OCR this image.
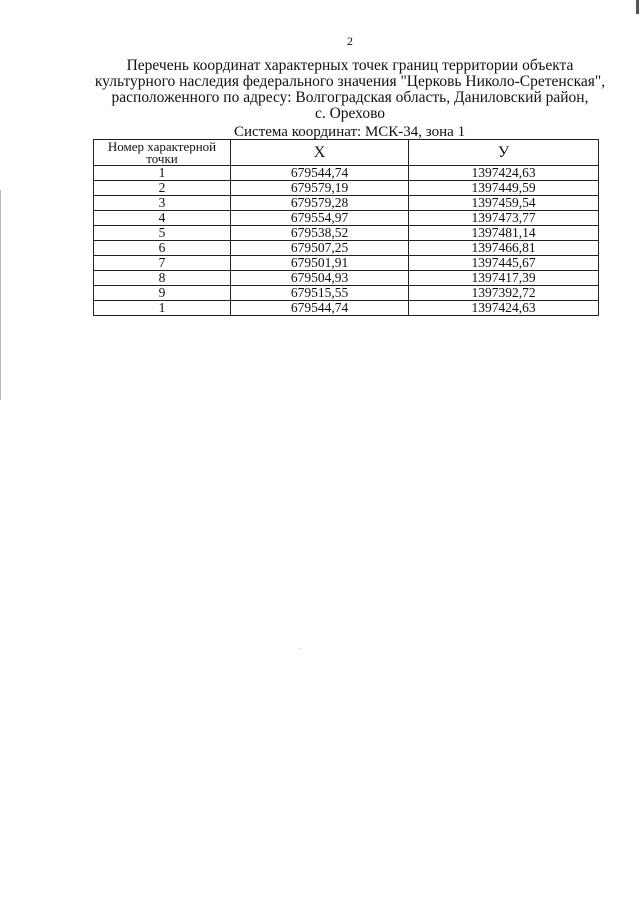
2
Перечень координат характерных точек границ территории объекта
культурного наследия федерального значения "Церковь Николо-Сретенская",
расположенного по адресу: Волгоградская область, Даниловский район,
с. Орехово
Система координат: МСК-34, зона 1
Номер характерной точки	Х	У
1	679544,74	1397424,63
2	679579,19	1397449,59
3	679579,28	1397459,54
4	679554,97	1397473,77
5	679538,52	1397481,14
6	679507,25	1397466,81
7	679501,91	1397445,67
8	679504,93	1397417,39
9	679515,55	1397392,72
1	679544,74	1397424,63
